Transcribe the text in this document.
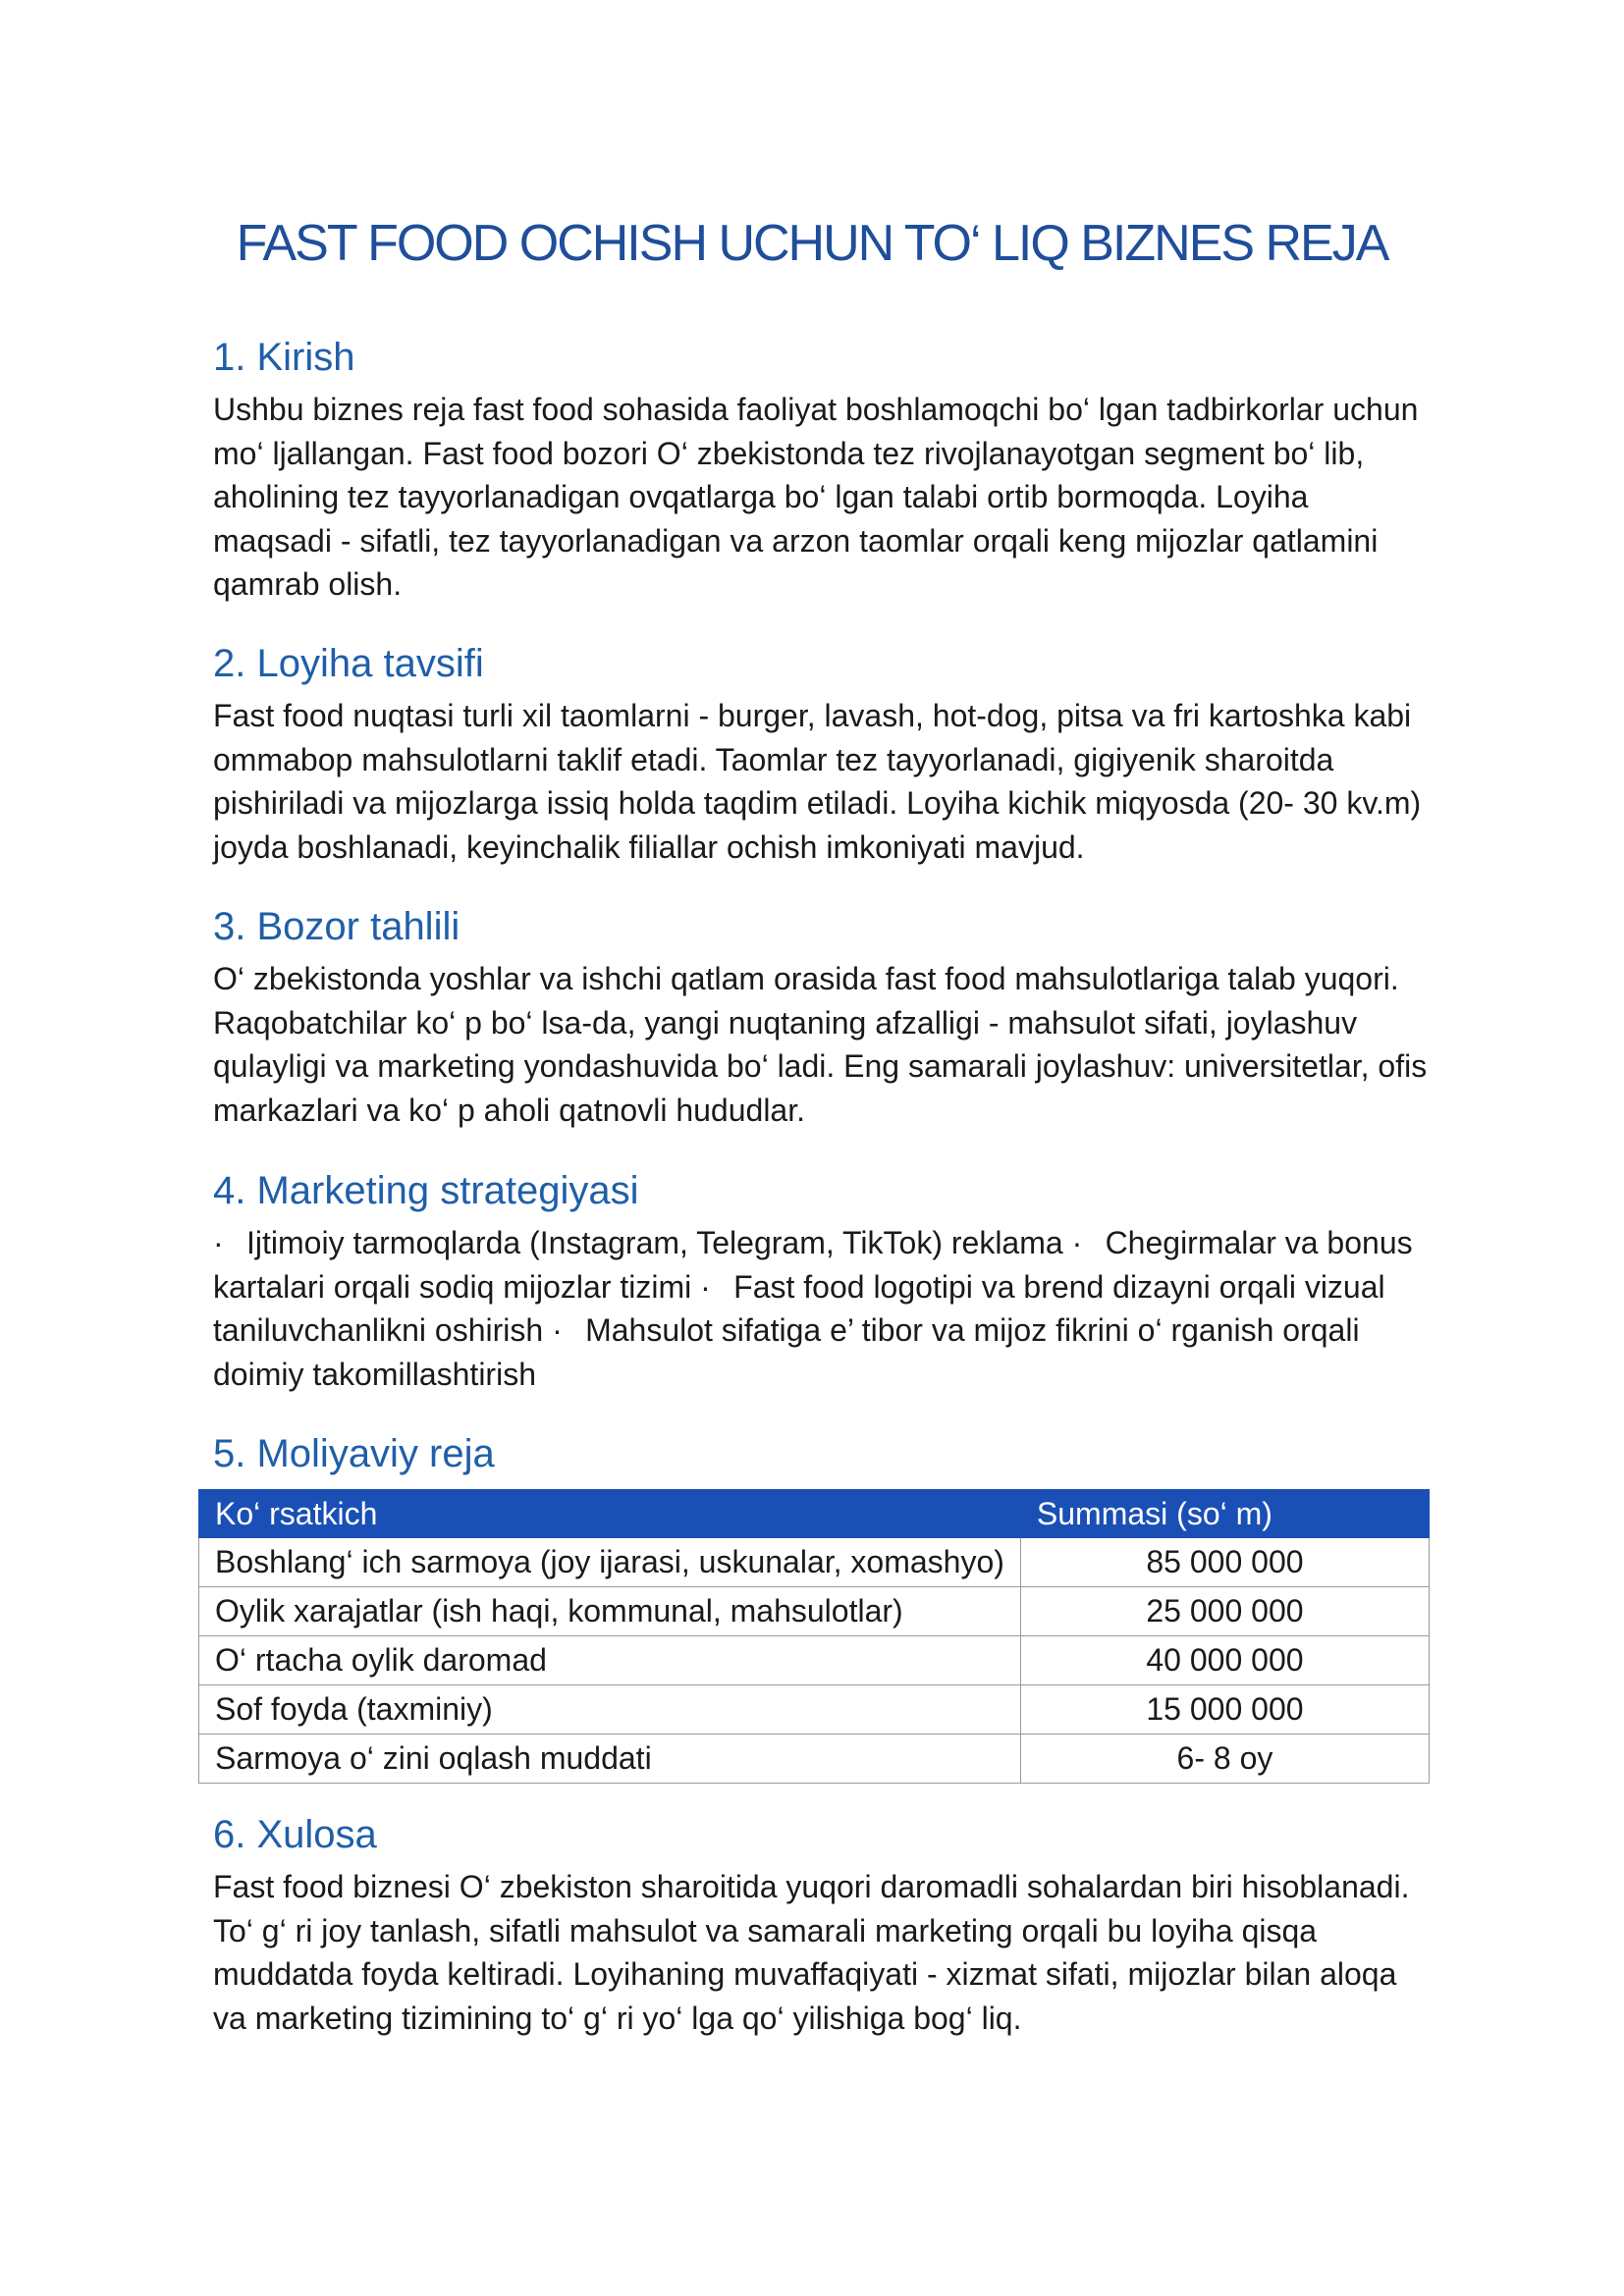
FAST FOOD OCHISH UCHUN TO‘ LIQ BIZNES REJA
1. Kirish

Ushbu biznes reja fast food sohasida faoliyat boshlamoqchi bo‘ lgan tadbirkorlar uchun mo‘ ljallangan. Fast food bozori O‘ zbekistonda tez rivojlanayotgan segment bo‘ lib, aholining tez tayyorlanadigan ovqatlarga bo‘ lgan talabi ortib bormoqda. Loyiha maqsadi - sifatli, tez tayyorlanadigan va arzon taomlar orqali keng mijozlar qatlamini qamrab olish.

2. Loyiha tavsifi

Fast food nuqtasi turli xil taomlarni - burger, lavash, hot-dog, pitsa va fri kartoshka kabi ommabop mahsulotlarni taklif etadi. Taomlar tez tayyorlanadi, gigiyenik sharoitda pishiriladi va mijozlarga issiq holda taqdim etiladi. Loyiha kichik miqyosda (20- 30 kv.m) joyda boshlanadi, keyinchalik filiallar ochish imkoniyati mavjud.

3. Bozor tahlili

O‘ zbekistonda yoshlar va ishchi qatlam orasida fast food mahsulotlariga talab yuqori. Raqobatchilar ko‘ p bo‘ lsa-da, yangi nuqtaning afzalligi - mahsulot sifati, joylashuv qulayligi va marketing yondashuvida bo‘ ladi. Eng samarali joylashuv: universitetlar, ofis markazlari va ko‘ p aholi qatnovli hududlar.

4. Marketing strategiyasi

· Ijtimoiy tarmoqlarda (Instagram, Telegram, TikTok) reklama · Chegirmalar va bonus kartalari orqali sodiq mijozlar tizimi · Fast food logotipi va brend dizayni orqali vizual taniluvchanlikni oshirish · Mahsulot sifatiga e’ tibor va mijoz fikrini o‘ rganish orqali doimiy takomillashtirish

5. Moliyaviy reja
Ko‘ rsatkich	Summasi (so‘ m)
Boshlang‘ ich sarmoya (joy ijarasi, uskunalar, xomashyo)	85 000 000
Oylik xarajatlar (ish haqi, kommunal, mahsulotlar)	25 000 000
O‘ rtacha oylik daromad	40 000 000
Sof foyda (taxminiy)	15 000 000
Sarmoya o‘ zini oqlash muddati	6- 8 oy
6. Xulosa

Fast food biznesi O‘ zbekiston sharoitida yuqori daromadli sohalardan biri hisoblanadi. To‘ g‘ ri joy tanlash, sifatli mahsulot va samarali marketing orqali bu loyiha qisqa muddatda foyda keltiradi. Loyihaning muvaffaqiyati - xizmat sifati, mijozlar bilan aloqa va marketing tizimining to‘ g‘ ri yo‘ lga qo‘ yilishiga bog‘ liq.
